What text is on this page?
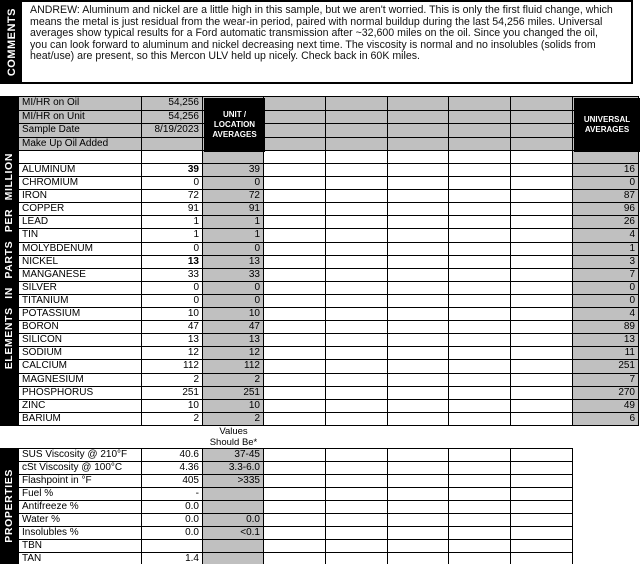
COMMENTS	ANDREW: Aluminum and nickel are a little high in this sample, but we aren't worried. This is only the first fluid change, which means the metal is just residual from the wear-in period, paired with normal buildup during the last 54,256 miles. Universal averages show typical results for a Ford automatic transmission after ~32,600 miles on the oil. Since you changed the oil, you can look forward to aluminum and nickel decreasing next time. The viscosity is normal and no insolubles (solids from heat/use) are present, so this Mercon ULV held up nicely. Check back in 60K miles.
ELEMENTS IN PARTS PER MILLION
MI/HR on Oil	54,256
MI/HR on Unit	54,256
Sample Date	8/19/2023
Make Up Oil Added
ALUMINUM	39	39	16
CHROMIUM	0	0	0
IRON	72	72	87
COPPER	91	91	96
LEAD	1	1	26
TIN	1	1	4
MOLYBDENUM	0	0	1
NICKEL	13	13	3
MANGANESE	33	33	7
SILVER	0	0	0
TITANIUM	0	0	0
POTASSIUM	10	10	4
BORON	47	47	89
SILICON	13	13	13
SODIUM	12	12	11
CALCIUM	112	112	251
MAGNESIUM	2	2	7
PHOSPHORUS	251	251	270
ZINC	10	10	49
BARIUM	2	2	6
UNIT / LOCATION AVERAGES
UNIVERSAL AVERAGES
Values
Should Be*
PROPERTIES
SUS Viscosity @ 210°F	40.6	37-45
cSt Viscosity @ 100°C	4.36	3.3-6.0
Flashpoint in °F	405	>335
Fuel %	-
Antifreeze %	0.0
Water %	0.0	0.0
Insolubles %	0.0	<0.1
TBN
TAN	1.4
